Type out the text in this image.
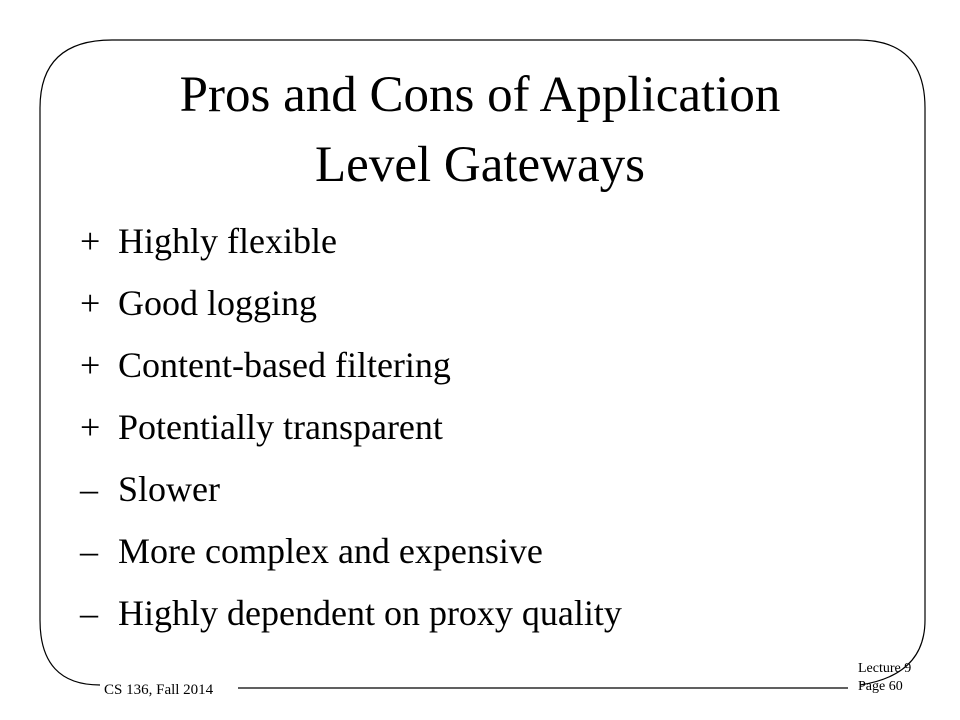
Pros and Cons of Application
Level Gateways
+ Highly flexible
+ Good logging
+ Content-based filtering
+ Potentially transparent
– Slower
– More complex and expensive
– Highly dependent on proxy quality
CS 136, Fall 2014
Lecture 9
Page 60
